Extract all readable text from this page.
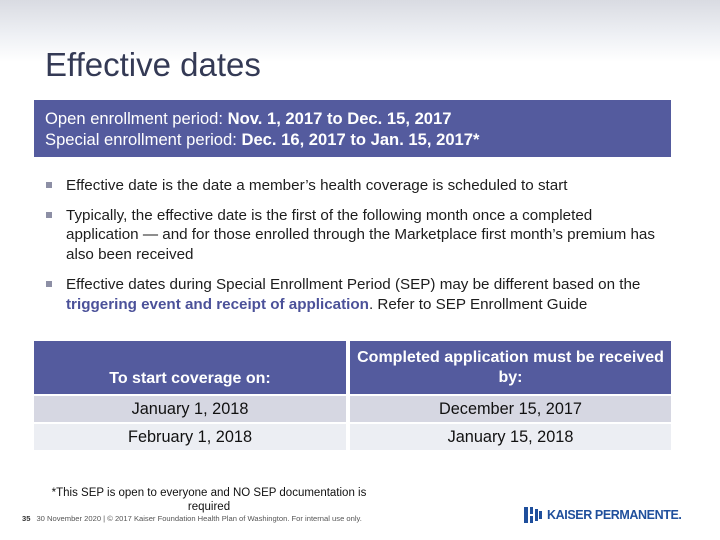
Effective dates
Open enrollment period: Nov. 1, 2017 to Dec. 15, 2017
Special enrollment period: Dec. 16, 2017 to Jan. 15, 2017*
Effective date is the date a member’s health coverage is scheduled to start
Typically, the effective date is the first of the following month once a completed application — and for those enrolled through the Marketplace first month’s premium has also been received
Effective dates during Special Enrollment Period (SEP) may be different based on the triggering event and receipt of application. Refer to SEP Enrollment Guide
To start coverage on:	Completed application must be received by:
January 1, 2018	December 15, 2017
February 1, 2018	January 15, 2018
*This SEP is open to everyone and NO SEP documentation is required
35 30 November 2020 | © 2017 Kaiser Foundation Health Plan of Washington. For internal use only.	KAISER PERMANENTE.
